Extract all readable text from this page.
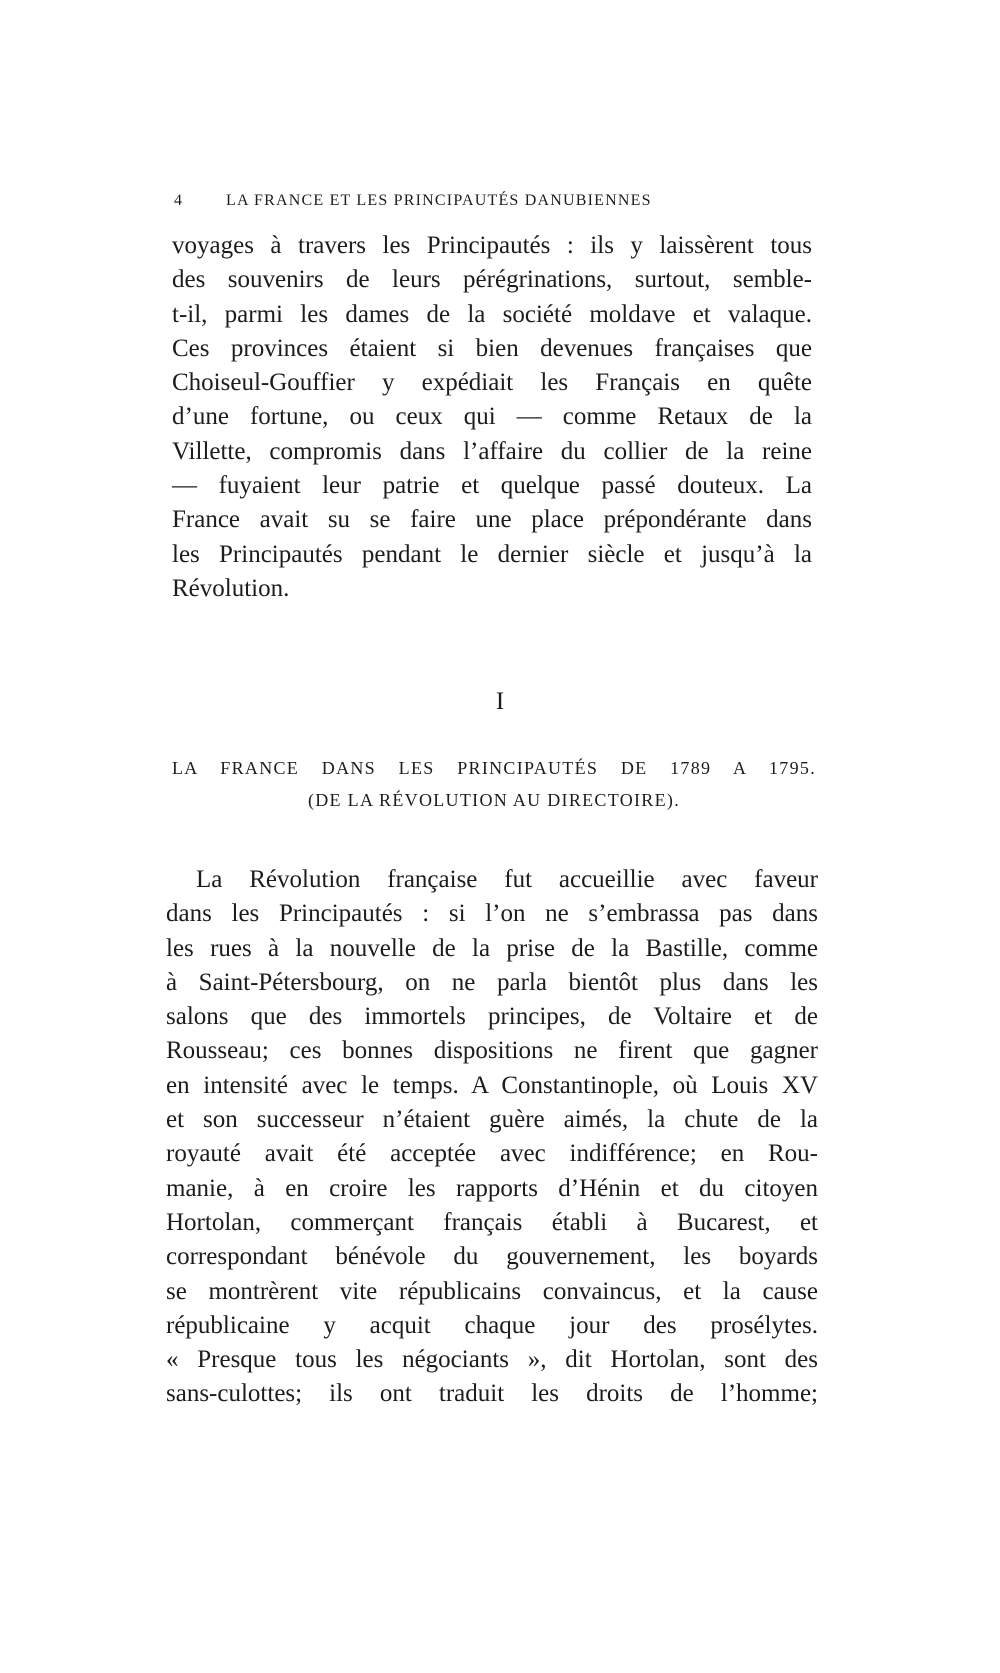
4	LA FRANCE ET LES PRINCIPAUTÉS DANUBIENNES
voyages à travers les Principautés : ils y laissèrent tous
des souvenirs de leurs pérégrinations, surtout, semble-
t-il, parmi les dames de la société moldave et valaque.
Ces provinces étaient si bien devenues françaises que
Choiseul-Gouffier y expédiait les Français en quête
d’une fortune, ou ceux qui — comme Retaux de la
Villette, compromis dans l’affaire du collier de la reine
— fuyaient leur patrie et quelque passé douteux. La
France avait su se faire une place prépondérante dans
les Principautés pendant le dernier siècle et jusqu’à la
Révolution.
I
LA FRANCE DANS LES PRINCIPAUTÉS DE 1789 A 1795.
(DE LA RÉVOLUTION AU DIRECTOIRE).
La Révolution française fut accueillie avec faveur
dans les Principautés : si l’on ne s’embrassa pas dans
les rues à la nouvelle de la prise de la Bastille, comme
à Saint-Pétersbourg, on ne parla bientôt plus dans les
salons que des immortels principes, de Voltaire et de
Rousseau; ces bonnes dispositions ne firent que gagner
en intensité avec le temps. A Constantinople, où Louis XV
et son successeur n’étaient guère aimés, la chute de la
royauté avait été acceptée avec indifférence; en Rou-
manie, à en croire les rapports d’Hénin et du citoyen
Hortolan, commerçant français établi à Bucarest, et
correspondant bénévole du gouvernement, les boyards
se montrèrent vite républicains convaincus, et la cause
républicaine y acquit chaque jour des prosélytes.
« Presque tous les négociants », dit Hortolan, sont des
sans-culottes; ils ont traduit les droits de l’homme;
